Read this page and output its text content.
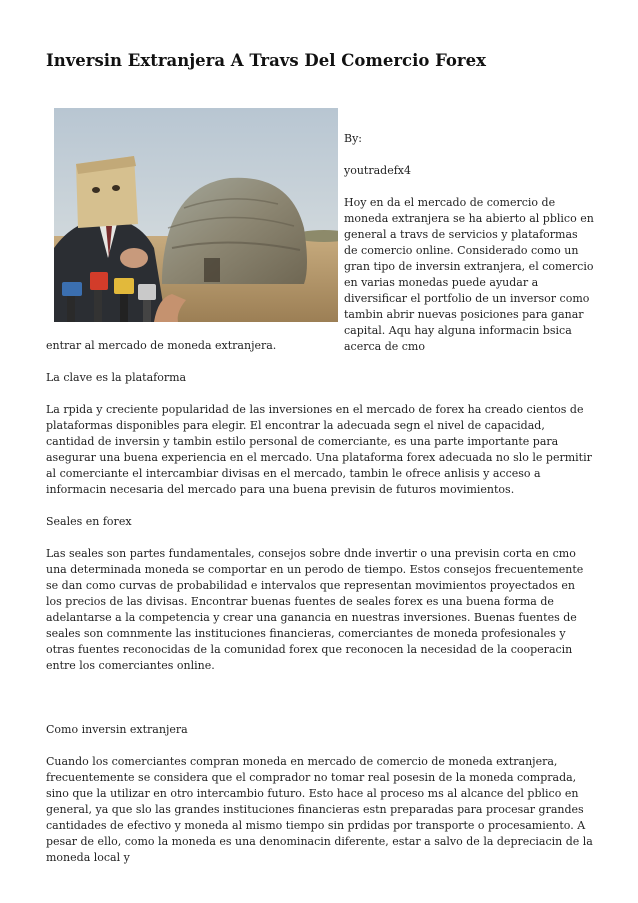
Inversin Extranjera A Travs Del Comercio Forex

By:

youtradefx4

Hoy en da el mercado de comercio de moneda extranjera se ha abierto al pblico en general a travs de servicios y plataformas de comercio online. Considerado como un gran tipo de inversin extranjera, el comercio en varias monedas puede ayudar a diversificar el portfolio de un inversor como tambin abrir nuevas posiciones para ganar capital. Aqu hay alguna informacin bsica acerca de cmo

entrar al mercado de moneda extranjera.

La clave es la plataforma

La rpida y creciente popularidad de las inversiones en el mercado de forex ha creado cientos de plataformas disponibles para elegir. El encontrar la adecuada segn el nivel de capacidad, cantidad de inversin y tambin estilo personal de comerciante, es una parte importante para asegurar una buena experiencia en el mercado. Una plataforma forex adecuada no slo le permitir al comerciante el intercambiar divisas en el mercado, tambin le ofrece anlisis y acceso a informacin necesaria del mercado para una buena previsin de futuros movimientos.

Seales en forex

Las seales son partes fundamentales, consejos sobre dnde invertir o una previsin corta en cmo una determinada moneda se comportar en un perodo de tiempo. Estos consejos frecuentemente se dan como curvas de probabilidad e intervalos que representan movimientos proyectados en los precios de las divisas. Encontrar buenas fuentes de seales forex es una buena forma de adelantarse a la competencia y crear una ganancia en nuestras inversiones. Buenas fuentes de seales son comnmente las instituciones financieras, comerciantes de moneda profesionales y otras fuentes reconocidas de la comunidad forex que reconocen la necesidad de la cooperacin entre los comerciantes online.

Como inversin extranjera

Cuando los comerciantes compran moneda en mercado de comercio de moneda extranjera, frecuentemente se considera que el comprador no tomar real posesin de la moneda comprada, sino que la utilizar en otro intercambio futuro. Esto hace al proceso ms al alcance del pblico en general, ya que slo las grandes instituciones financieras estn preparadas para procesar grandes cantidades de efectivo y moneda al mismo tiempo sin prdidas por transporte o procesamiento. A pesar de ello, como la moneda es una denominacin diferente, estar a salvo de la depreciacin de la moneda local y
